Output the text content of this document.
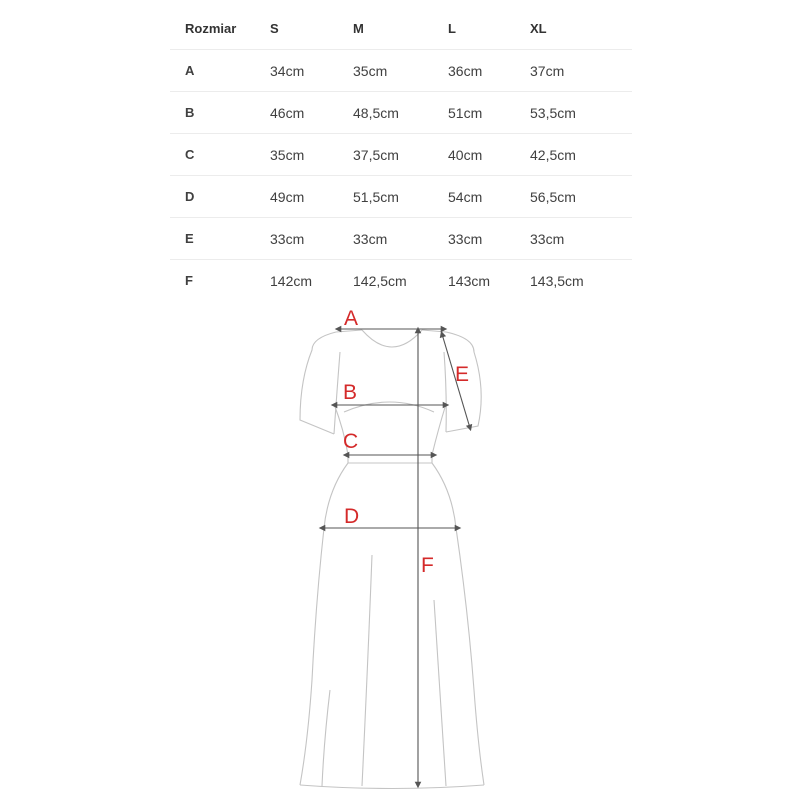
Rozmiar	S	M	L	XL
A	34cm	35cm	36cm	37cm
B	46cm	48,5cm	51cm	53,5cm
C	35cm	37,5cm	40cm	42,5cm
D	49cm	51,5cm	54cm	56,5cm
E	33cm	33cm	33cm	33cm
F	142cm	142,5cm	143cm	143,5cm
A
B
C
D
E
F
